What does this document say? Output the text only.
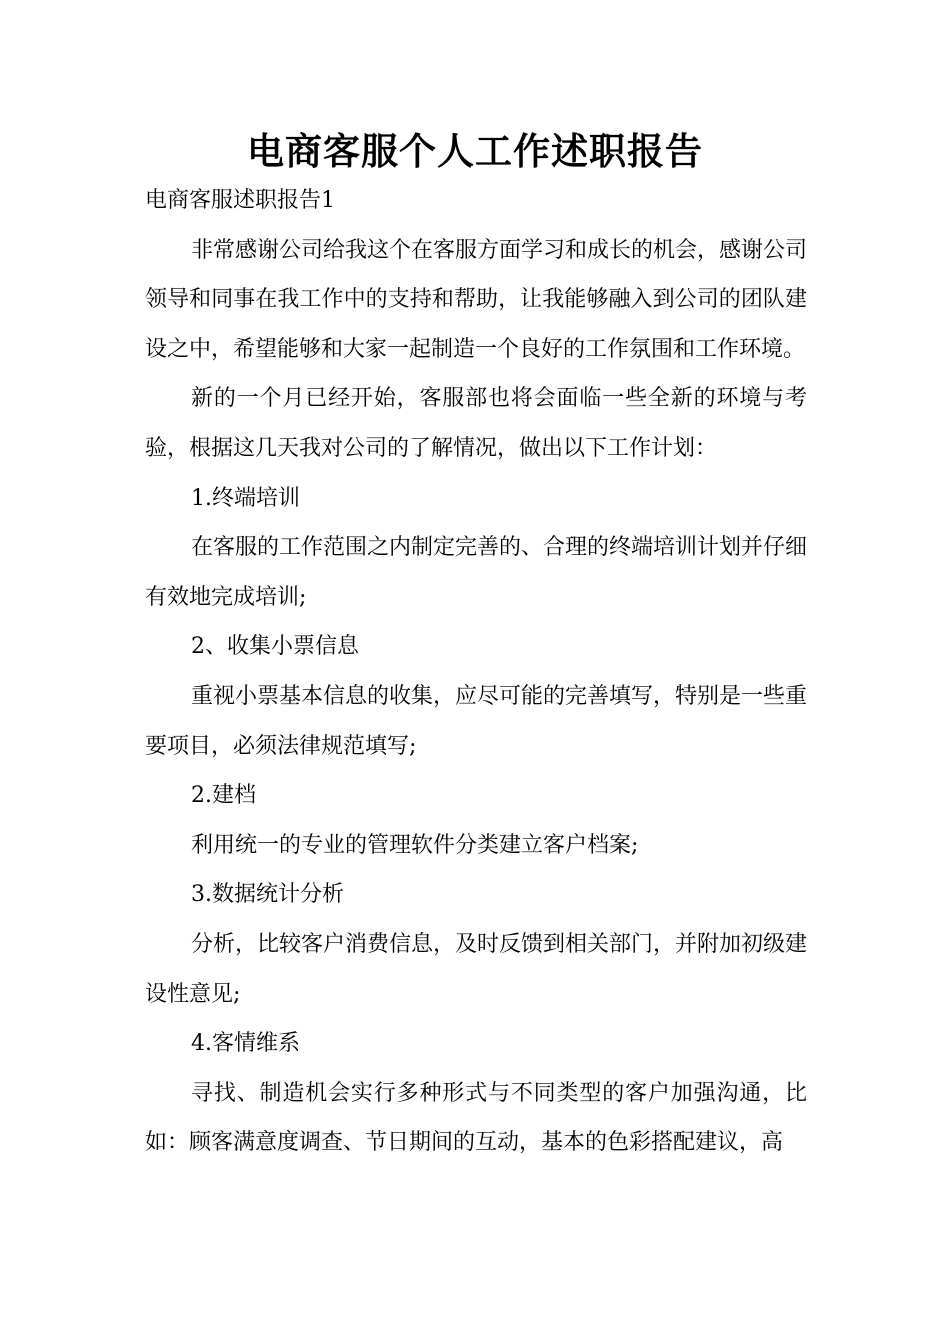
电商客服个人工作述职报告

电商客服述职报告1

非常感谢公司给我这个在客服方面学习和成长的机会，感谢公司领导和同事在我工作中的支持和帮助，让我能够融入到公司的团队建设之中，希望能够和大家一起制造一个良好的工作氛围和工作环境。

新的一个月已经开始，客服部也将会面临一些全新的环境与考验，根据这几天我对公司的了解情况，做出以下工作计划：

1.终端培训

在客服的工作范围之内制定完善的、合理的终端培训计划并仔细有效地完成培训;

2、收集小票信息

重视小票基本信息的收集，应尽可能的完善填写，特别是一些重要项目，必须法律规范填写;

2.建档

利用统一的专业的管理软件分类建立客户档案;

3.数据统计分析

分析，比较客户消费信息，及时反馈到相关部门，并附加初级建设性意见;

4.客情维系

寻找、制造机会实行多种形式与不同类型的客户加强沟通，比如：顾客满意度调查、节日期间的互动，基本的色彩搭配建议，高
